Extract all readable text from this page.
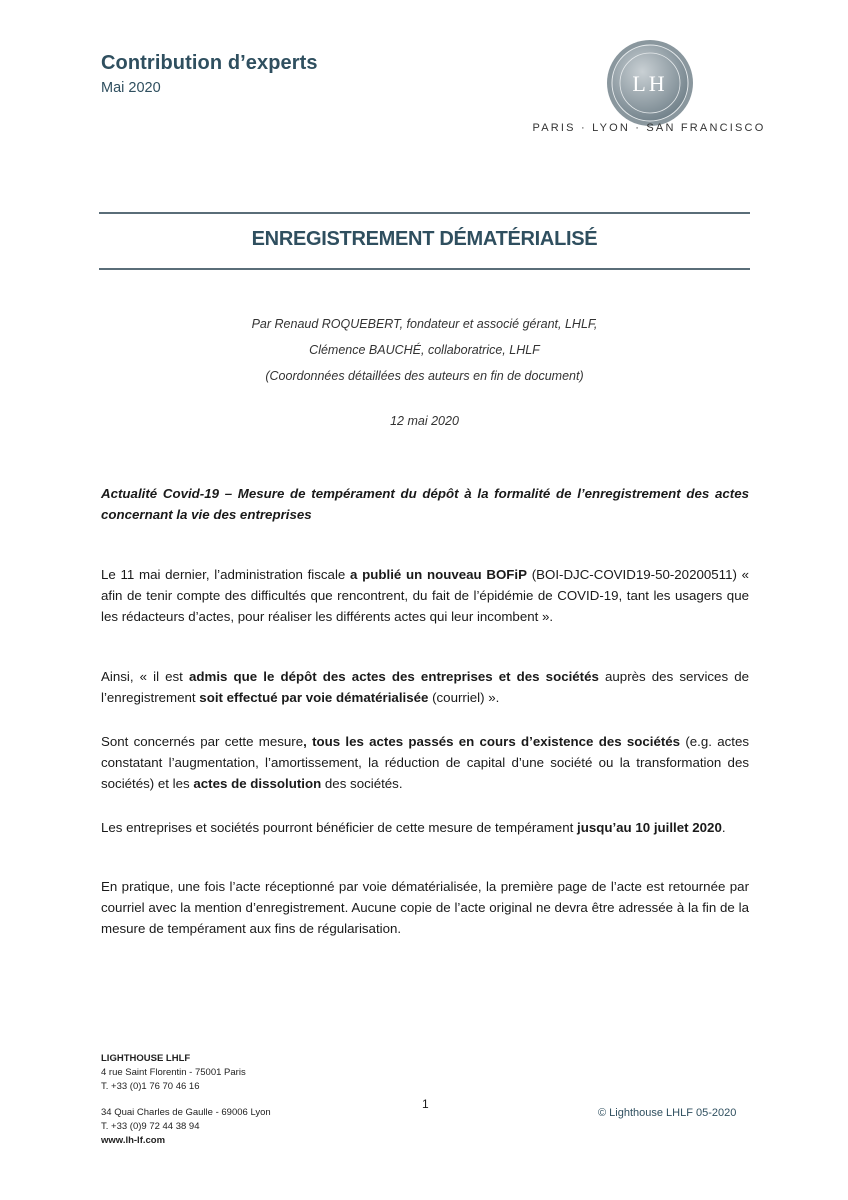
Contribution d’experts
Mai 2020	LH
PARIS · LYON · SAN FRANCISCO
ENREGISTREMENT DÉMATÉRIALISÉ
Par Renaud ROQUEBERT, fondateur et associé gérant, LHLF,
Clémence BAUCHÉ, collaboratrice, LHLF
(Coordonnées détaillées des auteurs en fin de document)
12 mai 2020
Actualité Covid-19 – Mesure de tempérament du dépôt à la formalité de l’enregistrement des actes concernant la vie des entreprises
Le 11 mai dernier, l’administration fiscale a publié un nouveau BOFiP (BOI-DJC-COVID19-50-20200511) « afin de tenir compte des difficultés que rencontrent, du fait de l’épidémie de COVID-19, tant les usagers que les rédacteurs d’actes, pour réaliser les différents actes qui leur incombent ».
Ainsi, « il est admis que le dépôt des actes des entreprises et des sociétés auprès des services de l’enregistrement soit effectué par voie dématérialisée (courriel) ».
Sont concernés par cette mesure, tous les actes passés en cours d’existence des sociétés (e.g. actes constatant l’augmentation, l’amortissement, la réduction de capital d’une société ou la transformation des sociétés) et les actes de dissolution des sociétés.
Les entreprises et sociétés pourront bénéficier de cette mesure de tempérament jusqu’au 10 juillet 2020.
En pratique, une fois l’acte réceptionné par voie dématérialisée, la première page de l’acte est retournée par courriel avec la mention d’enregistrement. Aucune copie de l’acte original ne devra être adressée à la fin de la mesure de tempérament aux fins de régularisation.
LIGHTHOUSE LHLF
4 rue Saint Florentin - 75001 Paris
T. +33 (0)1 76 70 46 16
34 Quai Charles de Gaulle - 69006 Lyon
T. +33 (0)9 72 44 38 94
www.lh-lf.com
1
© Lighthouse LHLF 05-2020
